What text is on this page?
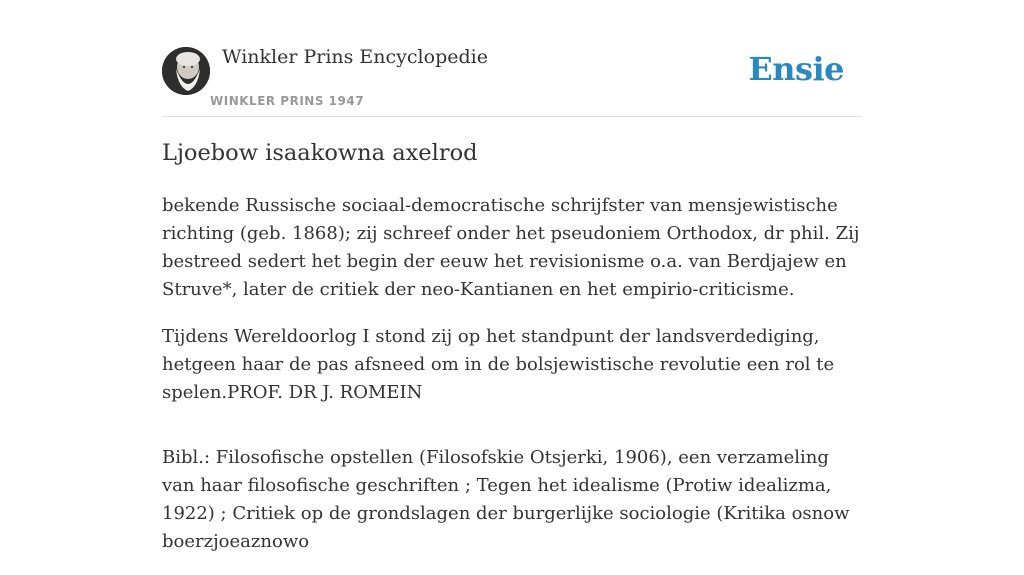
Winkler Prins Encyclopedie
WINKLER PRINS 1947
Ensie
Ljoebow isaakowna axelrod

bekende Russische sociaal-democratische schrijfster van mensjewistische richting (geb. 1868); zij schreef onder het pseudoniem Orthodox, dr phil. Zij bestreed sedert het begin der eeuw het revisionisme o.a. van Berdjajew en Struve*, later de critiek der neo-Kantianen en het empirio-criticisme.

Tijdens Wereldoorlog I stond zij op het standpunt der landsverdediging, hetgeen haar de pas afsneed om in de bolsjewistische revolutie een rol te spelen.PROF. DR J. ROMEIN

Bibl.: Filosofische opstellen (Filosofskie Otsjerki, 1906), een verzameling van haar filosofische geschriften ; Tegen het idealisme (Protiw idealizma, 1922) ; Critiek op de grondslagen der burgerlijke sociologie (Kritika osnow boerzjoeaznowo
